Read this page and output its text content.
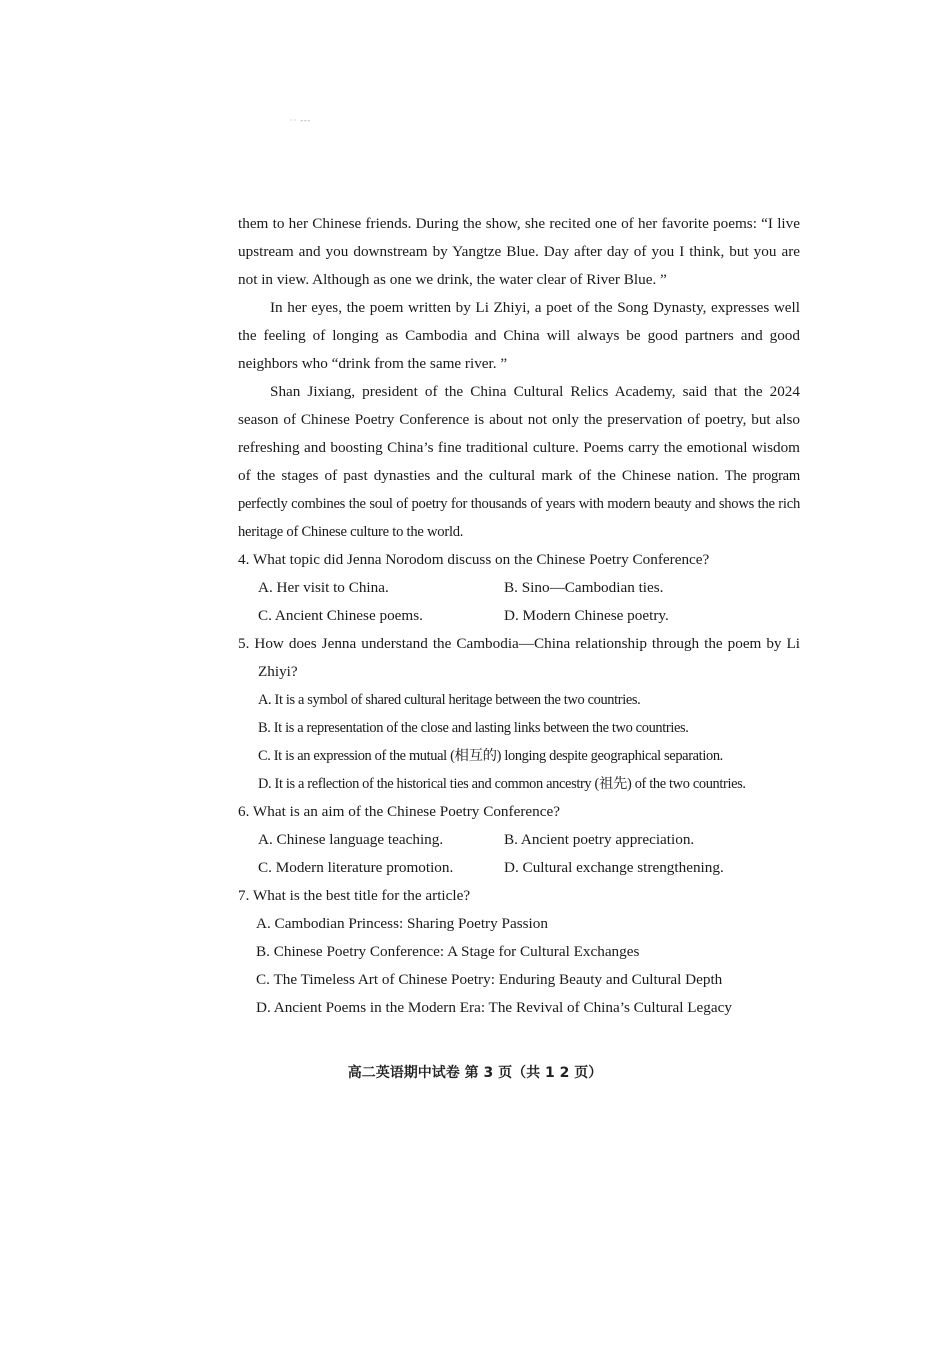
·· ---

them to her Chinese friends. During the show, she recited one of her favorite poems: “I live upstream and you downstream by Yangtze Blue. Day after day of you I think, but you are not in view. Although as one we drink, the water clear of River Blue. ”

In her eyes, the poem written by Li Zhiyi, a poet of the Song Dynasty, expresses well the feeling of longing as Cambodia and China will always be good partners and good neighbors who “drink from the same river. ”

Shan Jixiang, president of the China Cultural Relics Academy, said that the 2024 season of Chinese Poetry Conference is about not only the preservation of poetry, but also refreshing and boosting China’s fine traditional culture. Poems carry the emotional wisdom of the stages of past dynasties and the cultural mark of the Chinese nation. The program perfectly combines the soul of poetry for thousands of years with modern beauty and shows the rich heritage of Chinese culture to the world.

4. What topic did Jenna Norodom discuss on the Chinese Poetry Conference?

A. Her visit to China.	B. Sino—Cambodian ties.
C. Ancient Chinese poems.	D. Modern Chinese poetry.

5. How does Jenna understand the Cambodia—China relationship through the poem by Li Zhiyi?

A. It is a symbol of shared cultural heritage between the two countries.
B. It is a representation of the close and lasting links between the two countries.
C. It is an expression of the mutual (相互的) longing despite geographical separation.
D. It is a reflection of the historical ties and common ancestry (祖先) of the two countries.

6. What is an aim of the Chinese Poetry Conference?

A. Chinese language teaching.	B. Ancient poetry appreciation.
C. Modern literature promotion.	D. Cultural exchange strengthening.

7. What is the best title for the article?

A. Cambodian Princess: Sharing Poetry Passion
B. Chinese Poetry Conference: A Stage for Cultural Exchanges
C. The Timeless Art of Chinese Poetry: Enduring Beauty and Cultural Depth
D. Ancient Poems in the Modern Era: The Revival of China’s Cultural Legacy
高二英语期中试卷 第 3 页（共 1 2 页）
